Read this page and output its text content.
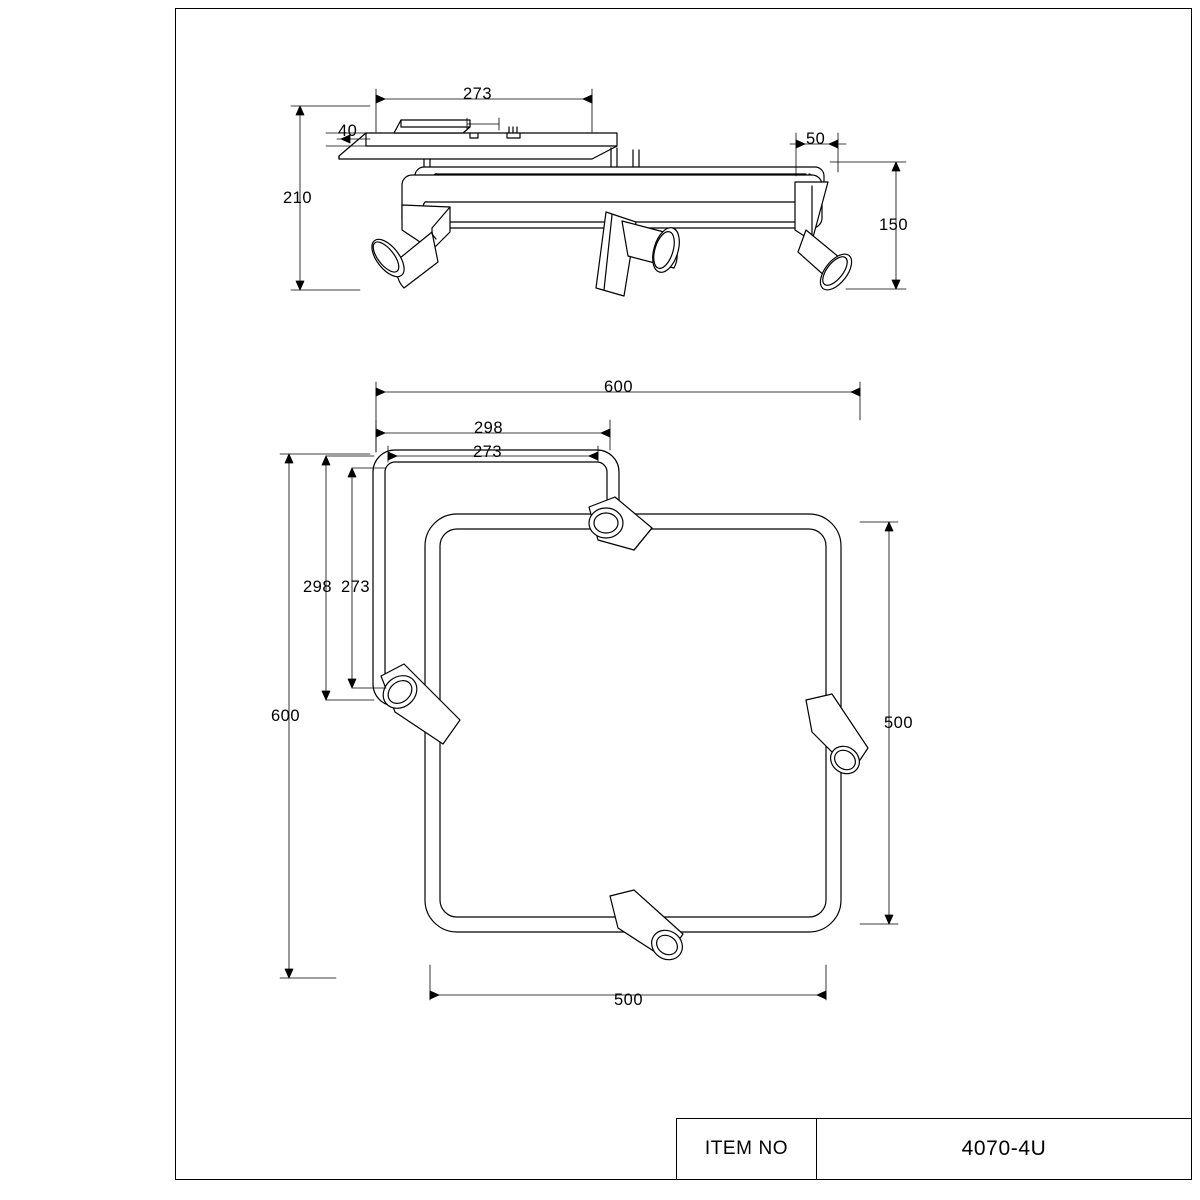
273
40
210
50
150
600
298
273
298 273
600	500
500
ITEM NO	4070-4U
